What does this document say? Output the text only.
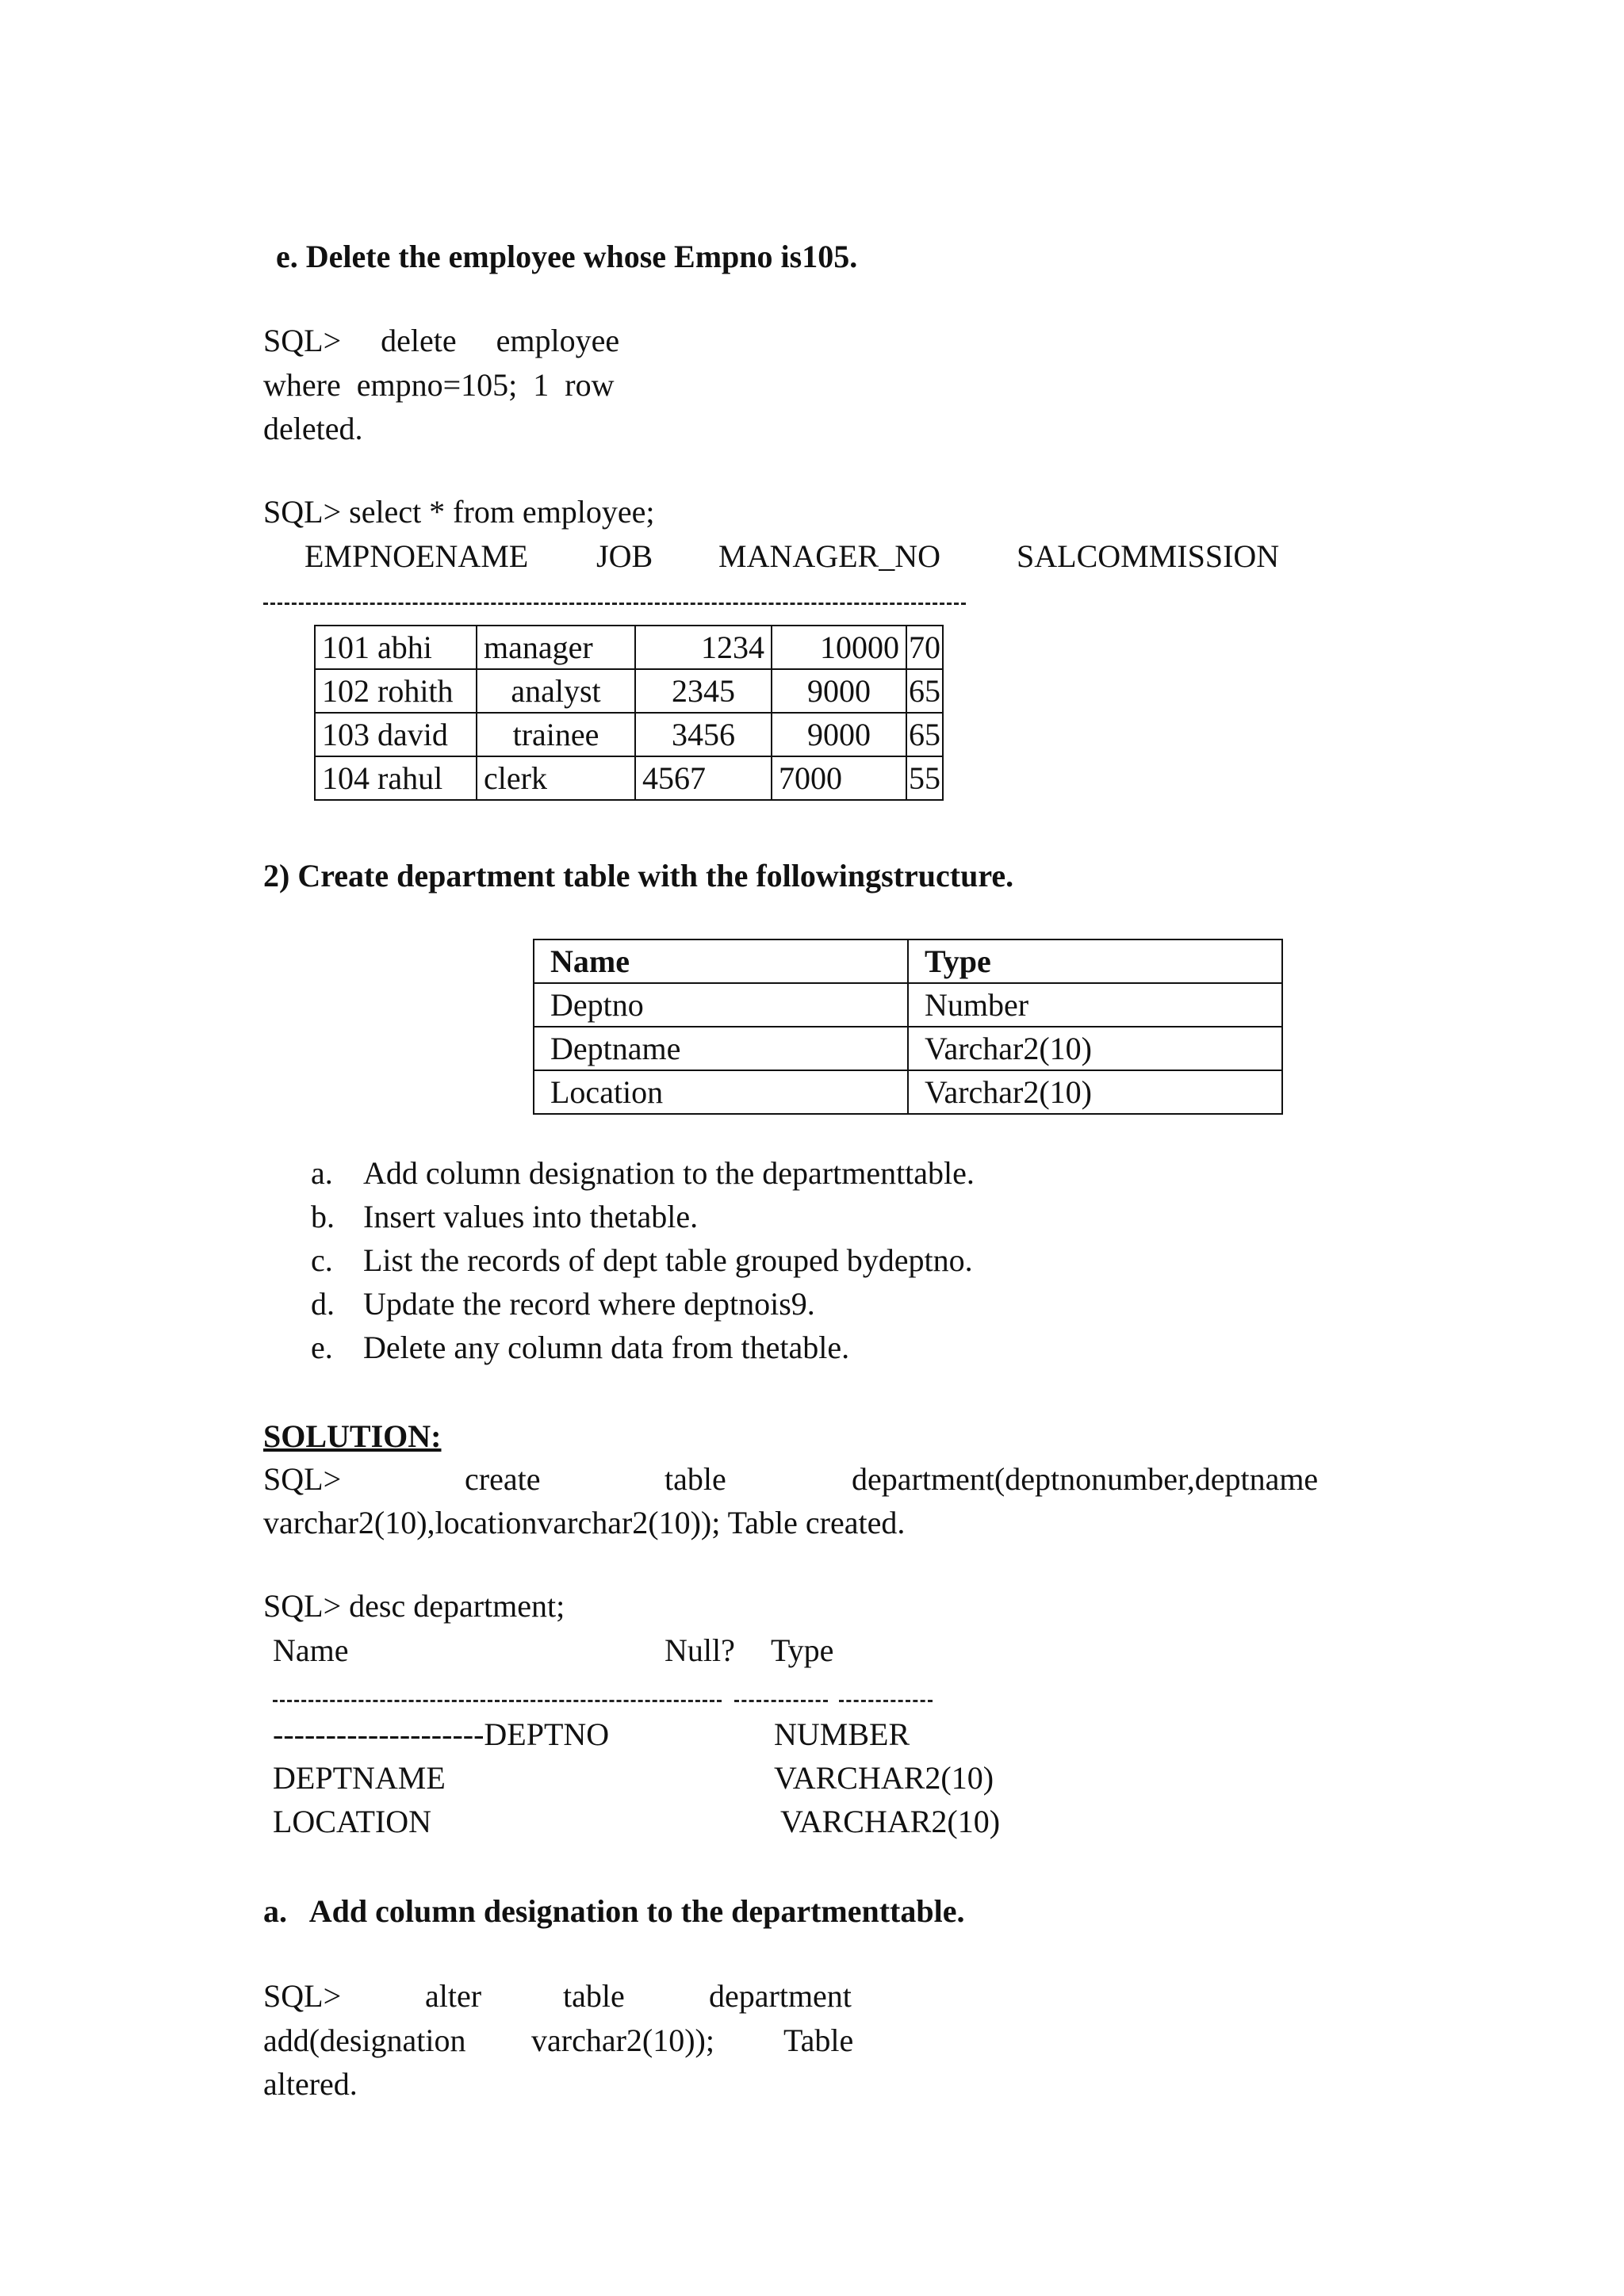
e. Delete the employee whose Empno is105.
SQL>     delete     employee
where  empno=105;  1  row
deleted.
SQL> select * from employee;
EMPNOENAME JOB MANAGER_NO SALCOMMISSION
101 abhi	manager	1234	10000	70
102 rohith	analyst	2345	9000	65
103 david	trainee	3456	9000	65
104 rahul	clerk	4567	7000	55
2) Create department table with the followingstructure.
Name	Type
Deptno	Number
Deptname	Varchar2(10)
Location	Varchar2(10)
a. Add column designation to the departmenttable.
b. Insert values into thetable.
c. List the records of dept table grouped bydeptno.
d. Update the record where deptnois9.
e. Delete any column data from thetable.
SOLUTION:
SQL>	create	table	department(deptnonumber,deptname
varchar2(10),locationvarchar2(10)); Table created.
SQL> desc department;
Name	Null? Type
--------------------DEPTNO	NUMBER
DEPTNAME	VARCHAR2(10)
LOCATION	VARCHAR2(10)
a.   Add column designation to the departmenttable.
SQL>	alter	table	department
add(designation varchar2(10)); Table
altered.
